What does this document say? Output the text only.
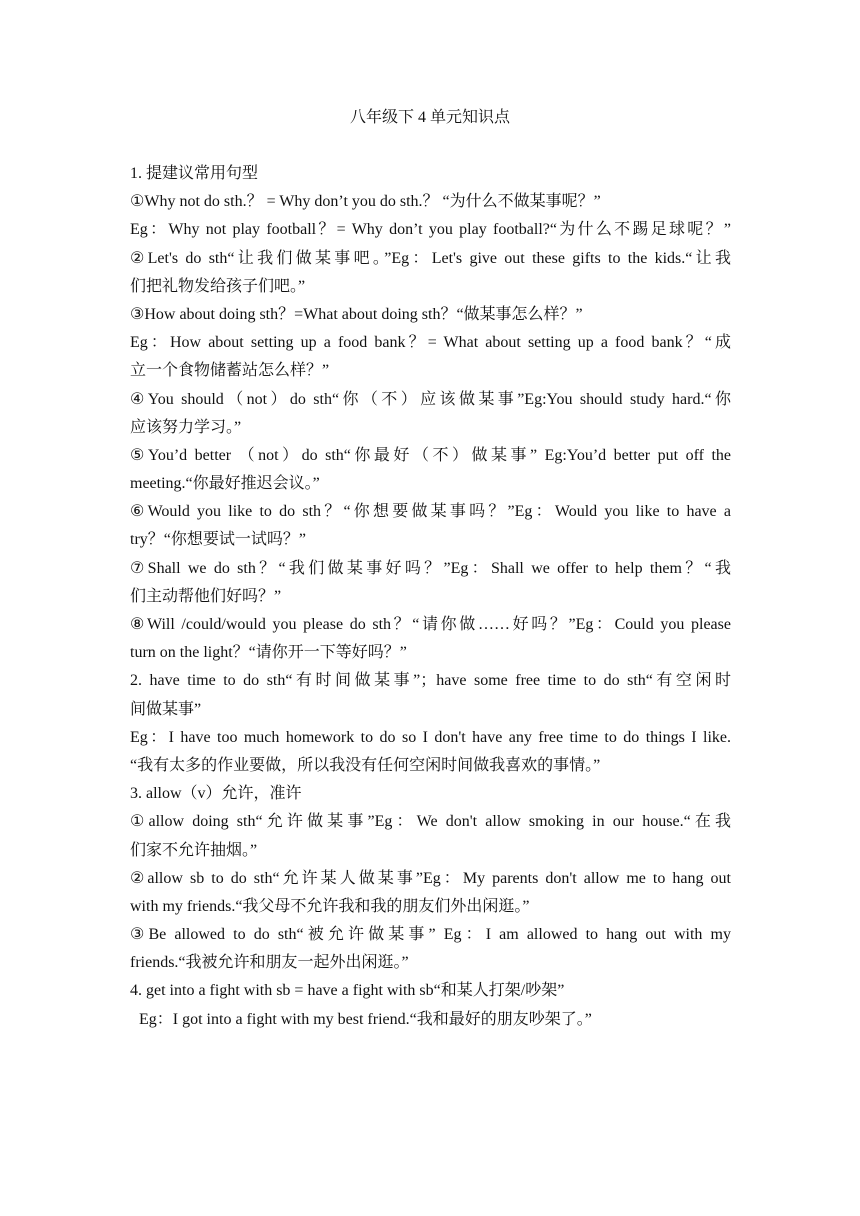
八年级下 4 单元知识点
1. 提建议常用句型
①Why not do sth.？ = Why don’t you do sth.？ “为什么不做某事呢？”
Eg：Why not play football？= Why don’t you play football?“为什么不踢足球呢？”
②Let's do sth“让我们做某事吧。”Eg：Let's give out these gifts to the kids.“让我
们把礼物发给孩子们吧。”
③How about doing sth？=What about doing sth？“做某事怎么样？”
Eg：How about setting up a food bank？= What about setting up a food bank？“成
立一个食物储蓄站怎么样？”
④You should（not）do sth“你（不）应该做某事”Eg:You should study hard.“你
应该努力学习。”
⑤You’d better （not）do sth“你最好（不）做某事” Eg:You’d better put off the
meeting.“你最好推迟会议。”
⑥Would you like to do sth？“你想要做某事吗？”Eg：Would you like to have a
try？“你想要试一试吗？”
⑦Shall we do sth？“我们做某事好吗？”Eg：Shall we offer to help them？“我
们主动帮他们好吗？”
⑧Will /could/would you please do sth？“请你做……好吗？”Eg：Could you please
turn on the light？“请你开一下等好吗？”
2. have time to do sth“有时间做某事”；have some free time to do sth“有空闲时
间做某事”
Eg：I have too much homework to do so I don't have any free time to do things I like.
“我有太多的作业要做，所以我没有任何空闲时间做我喜欢的事情。”
3. allow（v）允许，准许
①allow doing sth“允许做某事”Eg：We don't allow smoking in our house.“在我
们家不允许抽烟。”
②allow sb to do sth“允许某人做某事”Eg：My parents don't allow me to hang out
with my friends.“我父母不允许我和我的朋友们外出闲逛。”
③Be allowed to do sth“被允许做某事” Eg：I am allowed to hang out with my
friends.“我被允许和朋友一起外出闲逛。”
4. get into a fight with sb = have a fight with sb“和某人打架/吵架”
Eg：I got into a fight with my best friend.“我和最好的朋友吵架了。”
